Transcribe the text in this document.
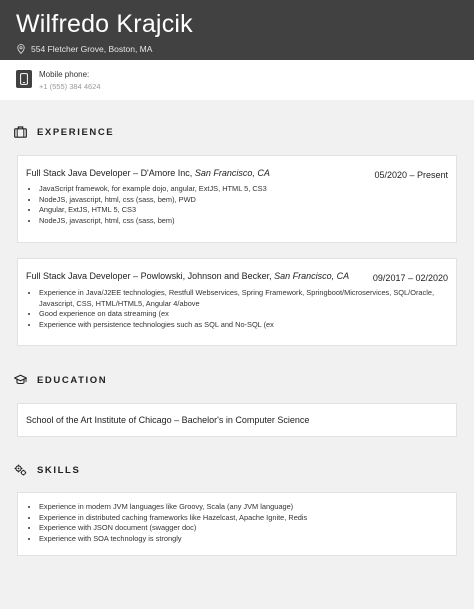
Wilfredo Krajcik
554 Fletcher Grove, Boston, MA
Mobile phone:
+1 (555) 384 4624
EXPERIENCE
Full Stack Java Developer – D'Amore Inc, San Francisco, CA	05/2020 – Present
• JavaScript framewok, for example dojo, angular, ExtJS, HTML 5, CS3
• NodeJS, javascript, html, css (sass, bem), PWD
• Angular, ExtJS, HTML 5, CS3
• NodeJS, javascript, html, css (sass, bem)
Full Stack Java Developer – Powlowski, Johnson and Becker, San Francisco, CA	09/2017 – 02/2020
• Experience in Java/J2EE technologies, Restfull Webservices, Spring Framework, Springboot/Microservices, SQL/Oracle, Javascript, CSS, HTML/HTML5, Angular 4/above
• Good experience on data streaming (ex
• Experience with persistence technologies such as SQL and No-SQL (ex
EDUCATION
School of the Art Institute of Chicago – Bachelor's in Computer Science
SKILLS
• Experience in modern JVM languages like Groovy, Scala (any JVM language)
• Experience in distributed caching frameworks like Hazelcast, Apache Ignite, Redis
• Experience with JSON document (swagger doc)
• Experience with SOA technology is strongly
